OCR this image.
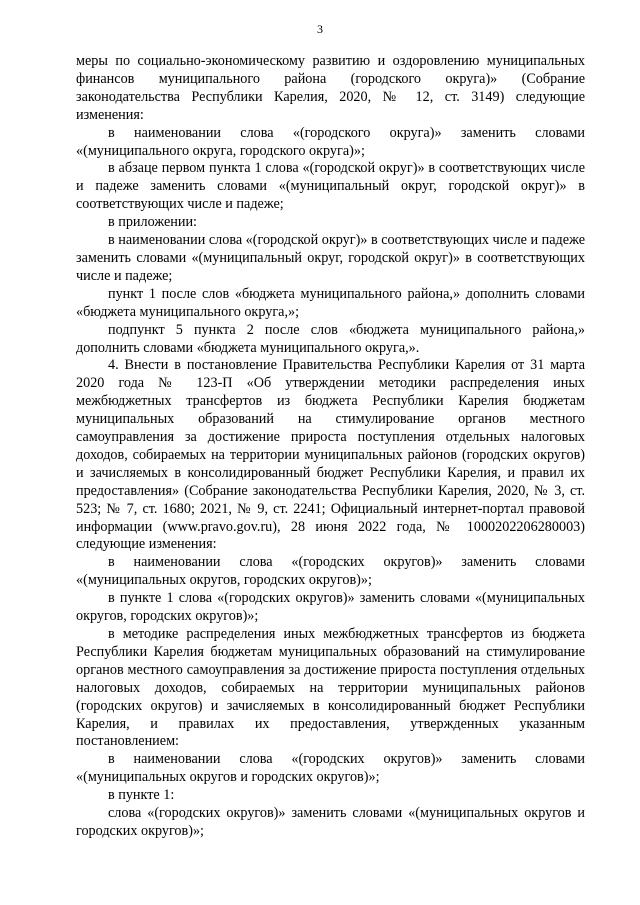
3

меры по социально-экономическому развитию и оздоровлению муниципальных финансов муниципального района (городского округа)» (Собрание законодательства Республики Карелия, 2020, № 12, ст. 3149) следующие изменения:

в наименовании слова «(городского округа)» заменить словами «(муниципального округа, городского округа)»;

в абзаце первом пункта 1 слова «(городской округ)» в соответствующих числе и падеже заменить словами «(муниципальный округ, городской округ)» в соответствующих числе и падеже;

в приложении:

в наименовании слова «(городской округ)» в соответствующих числе и падеже заменить словами «(муниципальный округ, городской округ)» в соответствующих числе и падеже;

пункт 1 после слов «бюджета муниципального района,» дополнить словами «бюджета муниципального округа,»;

подпункт 5 пункта 2 после слов «бюджета муниципального района,» дополнить словами «бюджета муниципального округа,».

4. Внести в постановление Правительства Республики Карелия от 31 марта 2020 года № 123-П «Об утверждении методики распределения иных межбюджетных трансфертов из бюджета Республики Карелия бюджетам муниципальных образований на стимулирование органов местного самоуправления за достижение прироста поступления отдельных налоговых доходов, собираемых на территории муниципальных районов (городских округов) и зачисляемых в консолидированный бюджет Республики Карелия, и правил их предоставления» (Собрание законодательства Республики Карелия, 2020, № 3, ст. 523; № 7, ст. 1680; 2021, № 9, ст. 2241; Официальный интернет-портал правовой информации (www.pravo.gov.ru), 28 июня 2022 года, № 1000202206280003) следующие изменения:

в наименовании слова «(городских округов)» заменить словами «(муниципальных округов, городских округов)»;

в пункте 1 слова «(городских округов)» заменить словами «(муниципальных округов, городских округов)»;

в методике распределения иных межбюджетных трансфертов из бюджета Республики Карелия бюджетам муниципальных образований на стимулирование органов местного самоуправления за достижение прироста поступления отдельных налоговых доходов, собираемых на территории муниципальных районов (городских округов) и зачисляемых в консолидированный бюджет Республики Карелия, и правилах их предоставления, утвержденных указанным постановлением:

в наименовании слова «(городских округов)» заменить словами «(муниципальных округов и городских округов)»;

в пункте 1:

слова «(городских округов)» заменить словами «(муниципальных округов и городских округов)»;
